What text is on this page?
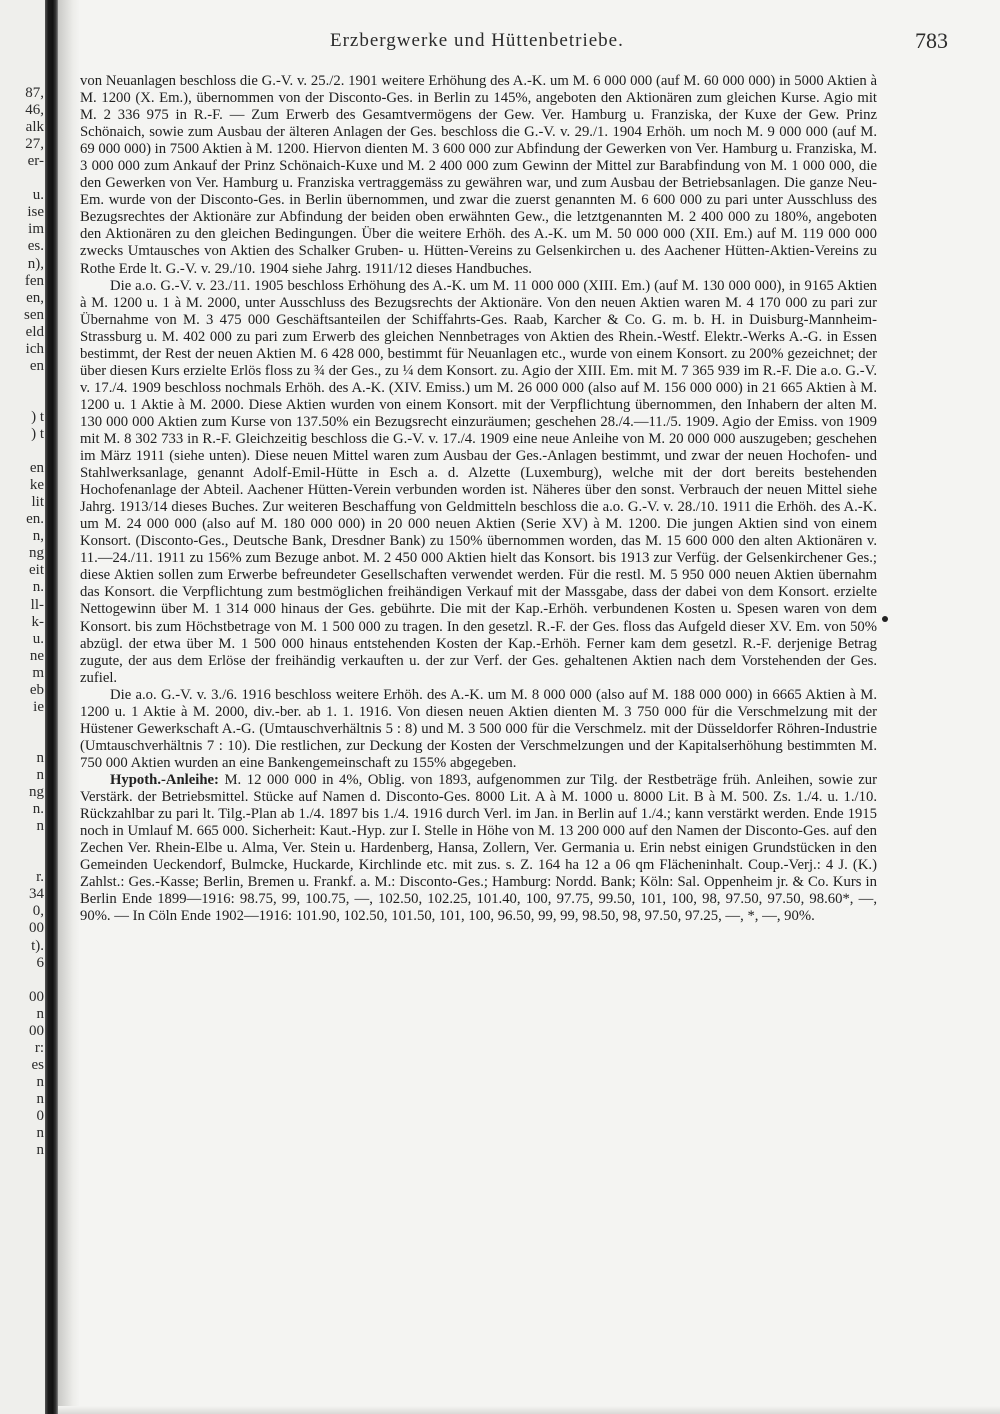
87,
46,
alk
27,
er-
u.
ise
im
es.
n),
fen
en,
sen
eld
ich
en
) t
) t
en
ke
lit
en.
n,
ng
eit
n.
ll-
k-
u.
ne
m
eb
ie
n
n
ng
n.
n
r.
34
0,
00
t).
6
00
n
00
r:
es
n
n
0
n
n
Erzbergwerke und Hüttenbetriebe.	783

von Neuanlagen beschloss die G.-V. v. 25./2. 1901 weitere Erhöhung des A.-K. um M. 6 000 000 (auf M. 60 000 000) in 5000 Aktien à M. 1200 (X. Em.), übernommen von der Disconto-Ges. in Berlin zu 145%, angeboten den Aktionären zum gleichen Kurse. Agio mit M. 2 336 975 in R.-F. — Zum Erwerb des Gesamtvermögens der Gew. Ver. Hamburg u. Franziska, der Kuxe der Gew. Prinz Schönaich, sowie zum Ausbau der älteren Anlagen der Ges. beschloss die G.-V. v. 29./1. 1904 Erhöh. um noch M. 9 000 000 (auf M. 69 000 000) in 7500 Aktien à M. 1200. Hiervon dienten M. 3 600 000 zur Abfindung der Gewerken von Ver. Hamburg u. Franziska, M. 3 000 000 zum Ankauf der Prinz Schönaich-Kuxe und M. 2 400 000 zum Gewinn der Mittel zur Barabfindung von M. 1 000 000, die den Gewerken von Ver. Hamburg u. Franziska vertraggemäss zu gewähren war, und zum Ausbau der Betriebsanlagen. Die ganze Neu-Em. wurde von der Disconto-Ges. in Berlin übernommen, und zwar die zuerst genannten M. 6 600 000 zu pari unter Ausschluss des Bezugsrechtes der Aktionäre zur Abfindung der beiden oben erwähnten Gew., die letztgenannten M. 2 400 000 zu 180%, angeboten den Aktionären zu den gleichen Bedingungen. Über die weitere Erhöh. des A.-K. um M. 50 000 000 (XII. Em.) auf M. 119 000 000 zwecks Umtausches von Aktien des Schalker Gruben- u. Hütten-Vereins zu Gelsenkirchen u. des Aachener Hütten-Aktien-Vereins zu Rothe Erde lt. G.-V. v. 29./10. 1904 siehe Jahrg. 1911/12 dieses Handbuches.

Die a.o. G.-V. v. 23./11. 1905 beschloss Erhöhung des A.-K. um M. 11 000 000 (XIII. Em.) (auf M. 130 000 000), in 9165 Aktien à M. 1200 u. 1 à M. 2000, unter Ausschluss des Bezugsrechts der Aktionäre. Von den neuen Aktien waren M. 4 170 000 zu pari zur Übernahme von M. 3 475 000 Geschäftsanteilen der Schiffahrts-Ges. Raab, Karcher & Co. G. m. b. H. in Duisburg-Mannheim-Strassburg u. M. 402 000 zu pari zum Erwerb des gleichen Nennbetrages von Aktien des Rhein.-Westf. Elektr.-Werks A.-G. in Essen bestimmt, der Rest der neuen Aktien M. 6 428 000, bestimmt für Neuanlagen etc., wurde von einem Konsort. zu 200% gezeichnet; der über diesen Kurs erzielte Erlös floss zu ¾ der Ges., zu ¼ dem Konsort. zu. Agio der XIII. Em. mit M. 7 365 939 im R.-F. Die a.o. G.-V. v. 17./4. 1909 beschloss nochmals Erhöh. des A.-K. (XIV. Emiss.) um M. 26 000 000 (also auf M. 156 000 000) in 21 665 Aktien à M. 1200 u. 1 Aktie à M. 2000. Diese Aktien wurden von einem Konsort. mit der Verpflichtung übernommen, den Inhabern der alten M. 130 000 000 Aktien zum Kurse von 137.50% ein Bezugsrecht einzuräumen; geschehen 28./4.—11./5. 1909. Agio der Emiss. von 1909 mit M. 8 302 733 in R.-F. Gleichzeitig beschloss die G.-V. v. 17./4. 1909 eine neue Anleihe von M. 20 000 000 auszugeben; geschehen im März 1911 (siehe unten). Diese neuen Mittel waren zum Ausbau der Ges.-Anlagen bestimmt, und zwar der neuen Hochofen- und Stahlwerksanlage, genannt Adolf-Emil-Hütte in Esch a. d. Alzette (Luxemburg), welche mit der dort bereits bestehenden Hochofenanlage der Abteil. Aachener Hütten-Verein verbunden worden ist. Näheres über den sonst. Verbrauch der neuen Mittel siehe Jahrg. 1913/14 dieses Buches. Zur weiteren Beschaffung von Geldmitteln beschloss die a.o. G.-V. v. 28./10. 1911 die Erhöh. des A.-K. um M. 24 000 000 (also auf M. 180 000 000) in 20 000 neuen Aktien (Serie XV) à M. 1200. Die jungen Aktien sind von einem Konsort. (Disconto-Ges., Deutsche Bank, Dresdner Bank) zu 150% übernommen worden, das M. 15 600 000 den alten Aktionären v. 11.—24./11. 1911 zu 156% zum Bezuge anbot. M. 2 450 000 Aktien hielt das Konsort. bis 1913 zur Verfüg. der Gelsenkirchener Ges.; diese Aktien sollen zum Erwerbe befreundeter Gesellschaften verwendet werden. Für die restl. M. 5 950 000 neuen Aktien übernahm das Konsort. die Verpflichtung zum bestmöglichen freihändigen Verkauf mit der Massgabe, dass der dabei von dem Konsort. erzielte Nettogewinn über M. 1 314 000 hinaus der Ges. gebührte. Die mit der Kap.-Erhöh. verbundenen Kosten u. Spesen waren von dem Konsort. bis zum Höchstbetrage von M. 1 500 000 zu tragen. In den gesetzl. R.-F. der Ges. floss das Aufgeld dieser XV. Em. von 50% abzügl. der etwa über M. 1 500 000 hinaus entstehenden Kosten der Kap.-Erhöh. Ferner kam dem gesetzl. R.-F. derjenige Betrag zugute, der aus dem Erlöse der freihändig verkauften u. der zur Verf. der Ges. gehaltenen Aktien nach dem Vorstehenden der Ges. zufiel.

Die a.o. G.-V. v. 3./6. 1916 beschloss weitere Erhöh. des A.-K. um M. 8 000 000 (also auf M. 188 000 000) in 6665 Aktien à M. 1200 u. 1 Aktie à M. 2000, div.-ber. ab 1. 1. 1916. Von diesen neuen Aktien dienten M. 3 750 000 für die Verschmelzung mit der Hüstener Gewerkschaft A.-G. (Umtauschverhältnis 5 : 8) und M. 3 500 000 für die Verschmelz. mit der Düsseldorfer Röhren-Industrie (Umtauschverhältnis 7 : 10). Die restlichen, zur Deckung der Kosten der Verschmelzungen und der Kapitalserhöhung bestimmten M. 750 000 Aktien wurden an eine Bankengemeinschaft zu 155% abgegeben.

Hypoth.-Anleihe: M. 12 000 000 in 4%, Oblig. von 1893, aufgenommen zur Tilg. der Restbeträge früh. Anleihen, sowie zur Verstärk. der Betriebsmittel. Stücke auf Namen d. Disconto-Ges. 8000 Lit. A à M. 1000 u. 8000 Lit. B à M. 500. Zs. 1./4. u. 1./10. Rückzahlbar zu pari lt. Tilg.-Plan ab 1./4. 1897 bis 1./4. 1916 durch Verl. im Jan. in Berlin auf 1./4.; kann verstärkt werden. Ende 1915 noch in Umlauf M. 665 000. Sicherheit: Kaut.-Hyp. zur I. Stelle in Höhe von M. 13 200 000 auf den Namen der Disconto-Ges. auf den Zechen Ver. Rhein-Elbe u. Alma, Ver. Stein u. Hardenberg, Hansa, Zollern, Ver. Germania u. Erin nebst einigen Grundstücken in den Gemeinden Ueckendorf, Bulmcke, Huckarde, Kirchlinde etc. mit zus. s. Z. 164 ha 12 a 06 qm Flächeninhalt. Coup.-Verj.: 4 J. (K.) Zahlst.: Ges.-Kasse; Berlin, Bremen u. Frankf. a. M.: Disconto-Ges.; Hamburg: Nordd. Bank; Köln: Sal. Oppenheim jr. & Co. Kurs in Berlin Ende 1899—1916: 98.75, 99, 100.75, —, 102.50, 102.25, 101.40, 100, 97.75, 99.50, 101, 100, 98, 97.50, 97.50, 98.60*, —, 90%. — In Cöln Ende 1902—1916: 101.90, 102.50, 101.50, 101, 100, 96.50, 99, 99, 98.50, 98, 97.50, 97.25, —, *, —, 90%.
